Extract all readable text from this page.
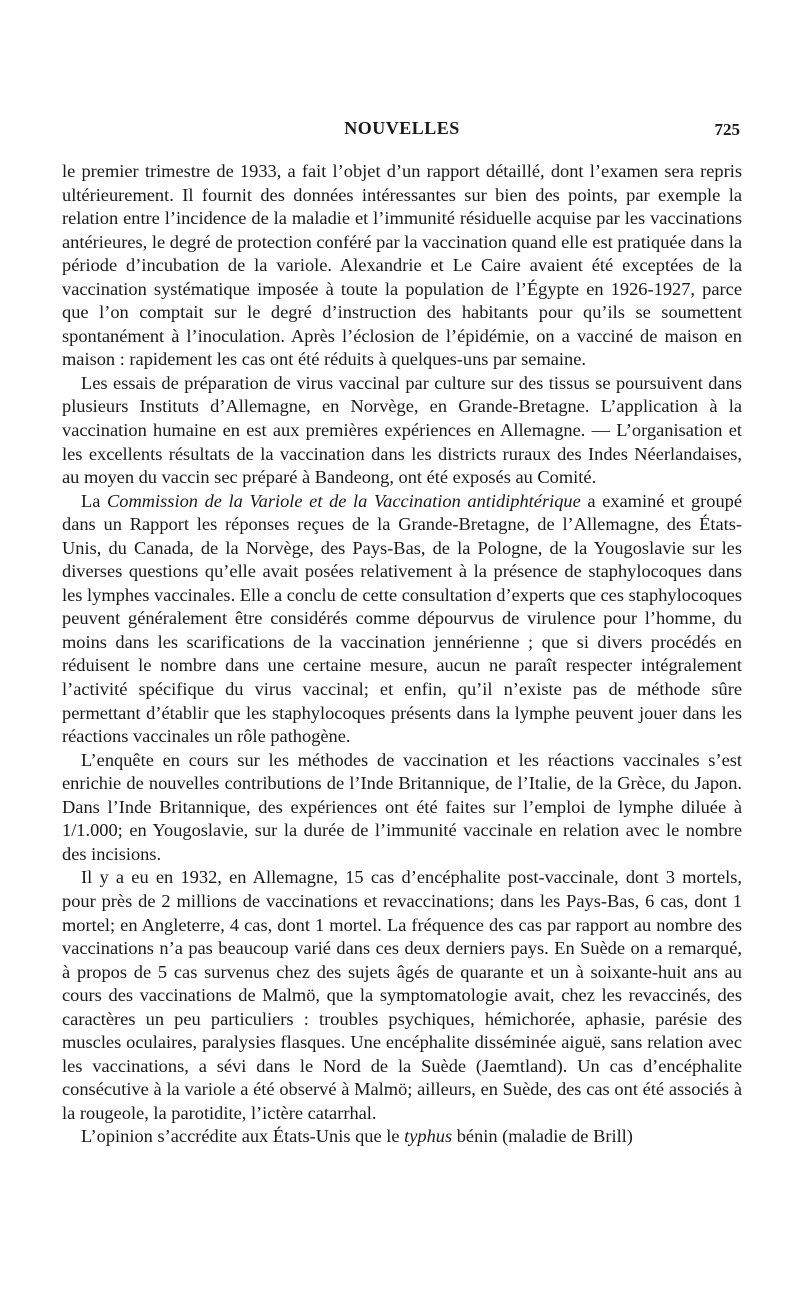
NOUVELLES	725

le premier trimestre de 1933, a fait l’objet d’un rapport détaillé, dont l’examen sera repris ultérieurement. Il fournit des données intéressantes sur bien des points, par exemple la relation entre l’incidence de la maladie et l’immunité résiduelle acquise par les vaccinations antérieures, le degré de protection conféré par la vaccination quand elle est pratiquée dans la période d’incubation de la variole. Alexandrie et Le Caire avaient été exceptées de la vaccination systématique imposée à toute la population de l’Égypte en 1926-1927, parce que l’on comptait sur le degré d’instruction des habitants pour qu’ils se soumettent spontanément à l’inoculation. Après l’éclosion de l’épidémie, on a vacciné de maison en maison : rapidement les cas ont été réduits à quelques-uns par semaine.

Les essais de préparation de virus vaccinal par culture sur des tissus se poursuivent dans plusieurs Instituts d’Allemagne, en Norvège, en Grande-Bretagne. L’application à la vaccination humaine en est aux premières expériences en Allemagne. — L’organisation et les excellents résultats de la vaccination dans les districts ruraux des Indes Néerlandaises, au moyen du vaccin sec préparé à Bandeong, ont été exposés au Comité.

La Commission de la Variole et de la Vaccination antidiphtérique a examiné et groupé dans un Rapport les réponses reçues de la Grande-Bretagne, de l’Allemagne, des États-Unis, du Canada, de la Norvège, des Pays-Bas, de la Pologne, de la Yougoslavie sur les diverses questions qu’elle avait posées relativement à la présence de staphylocoques dans les lymphes vaccinales. Elle a conclu de cette consultation d’experts que ces staphylocoques peuvent généralement être considérés comme dépourvus de virulence pour l’homme, du moins dans les scarifications de la vaccination jennérienne ; que si divers procédés en réduisent le nombre dans une certaine mesure, aucun ne paraît respecter intégralement l’activité spécifique du virus vaccinal; et enfin, qu’il n’existe pas de méthode sûre permettant d’établir que les staphylocoques présents dans la lymphe peuvent jouer dans les réactions vaccinales un rôle pathogène.

L’enquête en cours sur les méthodes de vaccination et les réactions vaccinales s’est enrichie de nouvelles contributions de l’Inde Britannique, de l’Italie, de la Grèce, du Japon. Dans l’Inde Britannique, des expériences ont été faites sur l’emploi de lymphe diluée à 1/1.000; en Yougoslavie, sur la durée de l’immunité vaccinale en relation avec le nombre des incisions.

Il y a eu en 1932, en Allemagne, 15 cas d’encéphalite post-vaccinale, dont 3 mortels, pour près de 2 millions de vaccinations et revaccinations; dans les Pays-Bas, 6 cas, dont 1 mortel; en Angleterre, 4 cas, dont 1 mortel. La fréquence des cas par rapport au nombre des vaccinations n’a pas beaucoup varié dans ces deux derniers pays. En Suède on a remarqué, à propos de 5 cas survenus chez des sujets âgés de quarante et un à soixante-huit ans au cours des vaccinations de Malmö, que la symptomatologie avait, chez les revaccinés, des caractères un peu particuliers : troubles psychiques, hémichorée, aphasie, parésie des muscles oculaires, paralysies flasques. Une encéphalite disséminée aiguë, sans relation avec les vaccinations, a sévi dans le Nord de la Suède (Jaemtland). Un cas d’encéphalite consécutive à la variole a été observé à Malmö; ailleurs, en Suède, des cas ont été associés à la rougeole, la parotidite, l’ictère catarrhal.

L’opinion s’accrédite aux États-Unis que le typhus bénin (maladie de Brill)
